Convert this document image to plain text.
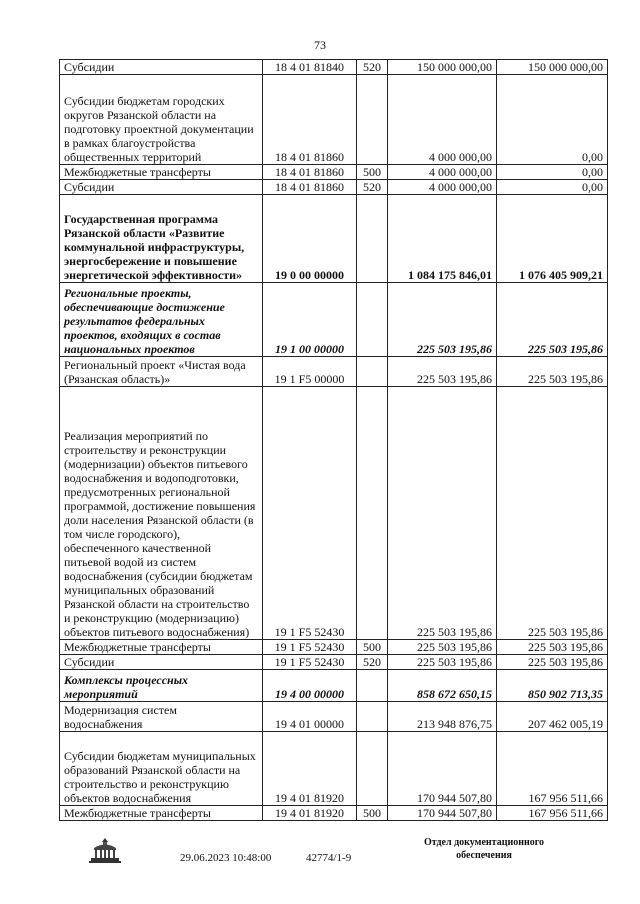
73
Субсидии	18 4 01 81840	520	150 000 000,00	150 000 000,00
Субсидии бюджетам городских округов Рязанской области на подготовку проектной документации в рамках благоустройства общественных территорий	18 4 01 81860		4 000 000,00	0,00
Межбюджетные трансферты	18 4 01 81860	500	4 000 000,00	0,00
Субсидии	18 4 01 81860	520	4 000 000,00	0,00
Государственная программа Рязанской области «Развитие коммунальной инфраструктуры, энергосбережение и повышение энергетической эффективности»	19 0 00 00000		1 084 175 846,01	1 076 405 909,21
Региональные проекты, обеспечивающие достижение результатов федеральных проектов, входящих в состав национальных проектов	19 1 00 00000		225 503 195,86	225 503 195,86
Региональный проект «Чистая вода (Рязанская область)»	19 1 F5 00000		225 503 195,86	225 503 195,86
Реализация мероприятий по строительству и реконструкции (модернизации) объектов питьевого водоснабжения и водоподготовки, предусмотренных региональной программой, достижение повышения доли населения Рязанской области (в том числе городского), обеспеченного качественной питьевой водой из систем водоснабжения (субсидии бюджетам муниципальных образований Рязанской области на строительство и реконструкцию (модернизацию) объектов питьевого водоснабжения)	19 1 F5 52430		225 503 195,86	225 503 195,86
Межбюджетные трансферты	19 1 F5 52430	500	225 503 195,86	225 503 195,86
Субсидии	19 1 F5 52430	520	225 503 195,86	225 503 195,86
Комплексы процессных мероприятий	19 4 00 00000		858 672 650,15	850 902 713,35
Модернизация систем водоснабжения	19 4 01 00000		213 948 876,75	207 462 005,19
Субсидии бюджетам муниципальных образований Рязанской области на строительство и реконструкцию объектов водоснабжения	19 4 01 81920		170 944 507,80	167 956 511,66
Межбюджетные трансферты	19 4 01 81920	500	170 944 507,80	167 956 511,66
29.06.2023 10:48:00	42774/1-9
Отдел документационного
обеспечения
